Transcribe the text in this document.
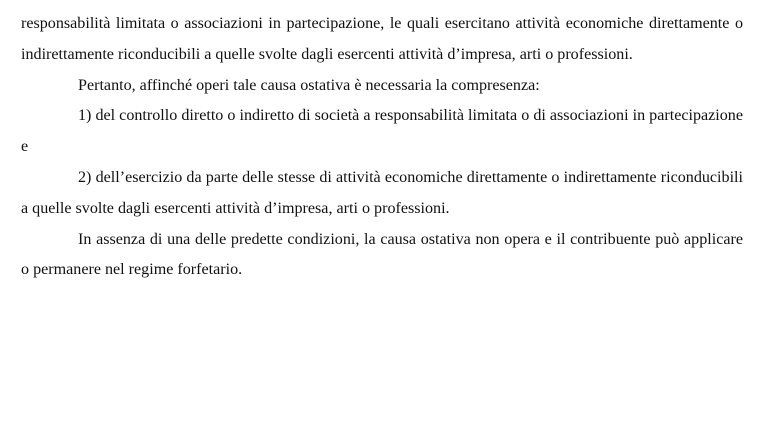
responsabilità limitata o associazioni in partecipazione, le quali esercitano attività economiche direttamente o indirettamente riconducibili a quelle svolte dagli esercenti attività d’impresa, arti o professioni.

Pertanto, affinché operi tale causa ostativa è necessaria la compresenza:

1) del controllo diretto o indiretto di società a responsabilità limitata o di associazioni in partecipazione e

2) dell’esercizio da parte delle stesse di attività economiche direttamente o indirettamente riconducibili a quelle svolte dagli esercenti attività d’impresa, arti o professioni.

In assenza di una delle predette condizioni, la causa ostativa non opera e il contribuente può applicare o permanere nel regime forfetario.
